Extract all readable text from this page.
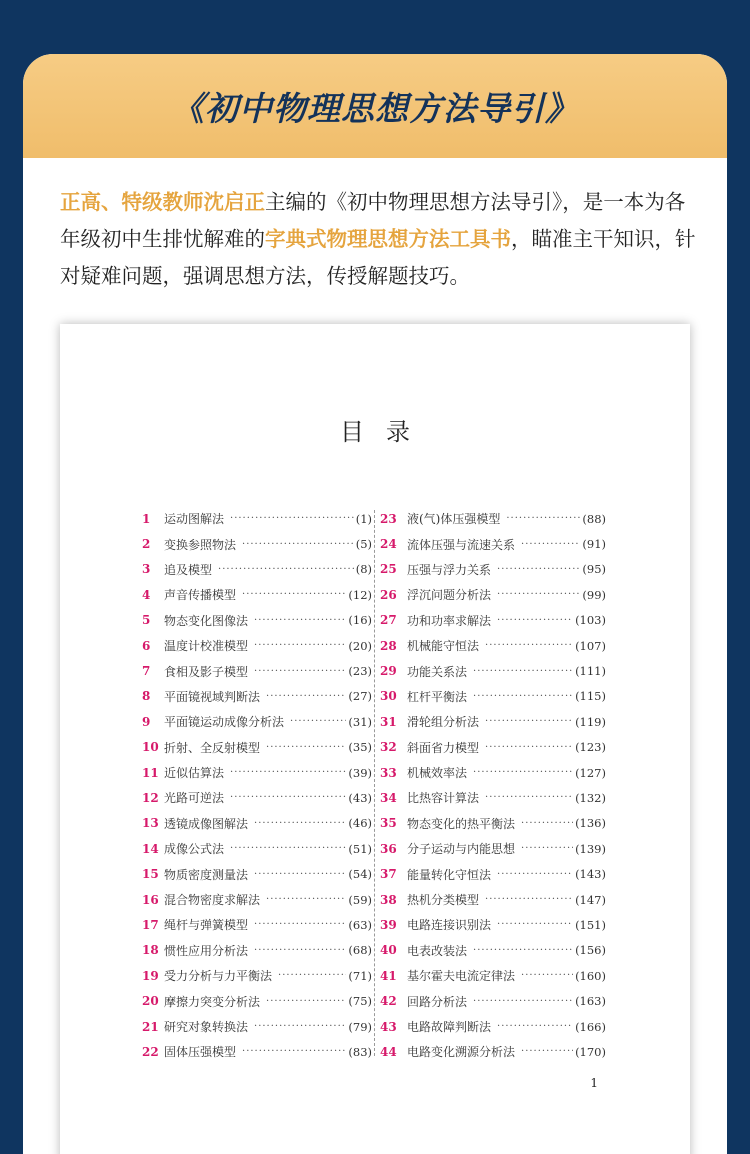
《初中物理思想方法导引》
正高、特级教师沈启正主编的《初中物理思想方法导引》，是一本为各年级初中生排忧解难的字典式物理思想方法工具书，瞄准主干知识，针对疑难问题，强调思想方法，传授解题技巧。
目录
1	运动图解法 ·····	(1)
2	变换参照物法 ·····	(5)
3	追及模型 ·····	(8)
4	声音传播模型 ·····	(12)
5	物态变化图像法 ·····	(16)
6	温度计校准模型 ·····	(20)
7	食相及影子模型 ·····	(23)
8	平面镜视域判断法 ·····	(27)
9	平面镜运动成像分析法 ·····	(31)
10 折射、全反射模型 ·····	(35)
11 近似估算法 ·····	(39)
12 光路可逆法 ·····	(43)
13 透镜成像图解法 ·····	(46)
14 成像公式法 ·····	(51)
15 物质密度测量法 ·····	(54)
16 混合物密度求解法 ·····	(59)
17 绳杆与弹簧模型 ·····	(63)
18 惯性应用分析法 ·····	(68)
19 受力分析与力平衡法 ·····	(71)
20 摩擦力突变分析法 ·····	(75)
21 研究对象转换法 ·····	(79)
22 固体压强模型 ·····	(83)
23 液(气)体压强模型 ·····	(88)
24 流体压强与流速关系 ·····	(91)
25 压强与浮力关系 ·····	(95)
26 浮沉问题分析法 ·····	(99)
27 功和功率求解法 ·····	(103)
28 机械能守恒法 ·····	(107)
29 功能关系法 ·····	(111)
30 杠杆平衡法 ·····	(115)
31 滑轮组分析法 ·····	(119)
32 斜面省力模型 ·····	(123)
33 机械效率法 ·····	(127)
34 比热容计算法 ·····	(132)
35 物态变化的热平衡法 ·····	(136)
36 分子运动与内能思想 ·····	(139)
37 能量转化守恒法 ·····	(143)
38 热机分类模型 ·····	(147)
39 电路连接识别法 ·····	(151)
40 电表改装法 ·····	(156)
41 基尔霍夫电流定律法 ·····	(160)
42 回路分析法 ·····	(163)
43 电路故障判断法 ·····	(166)
44 电路变化溯源分析法 ·····	(170)
1
